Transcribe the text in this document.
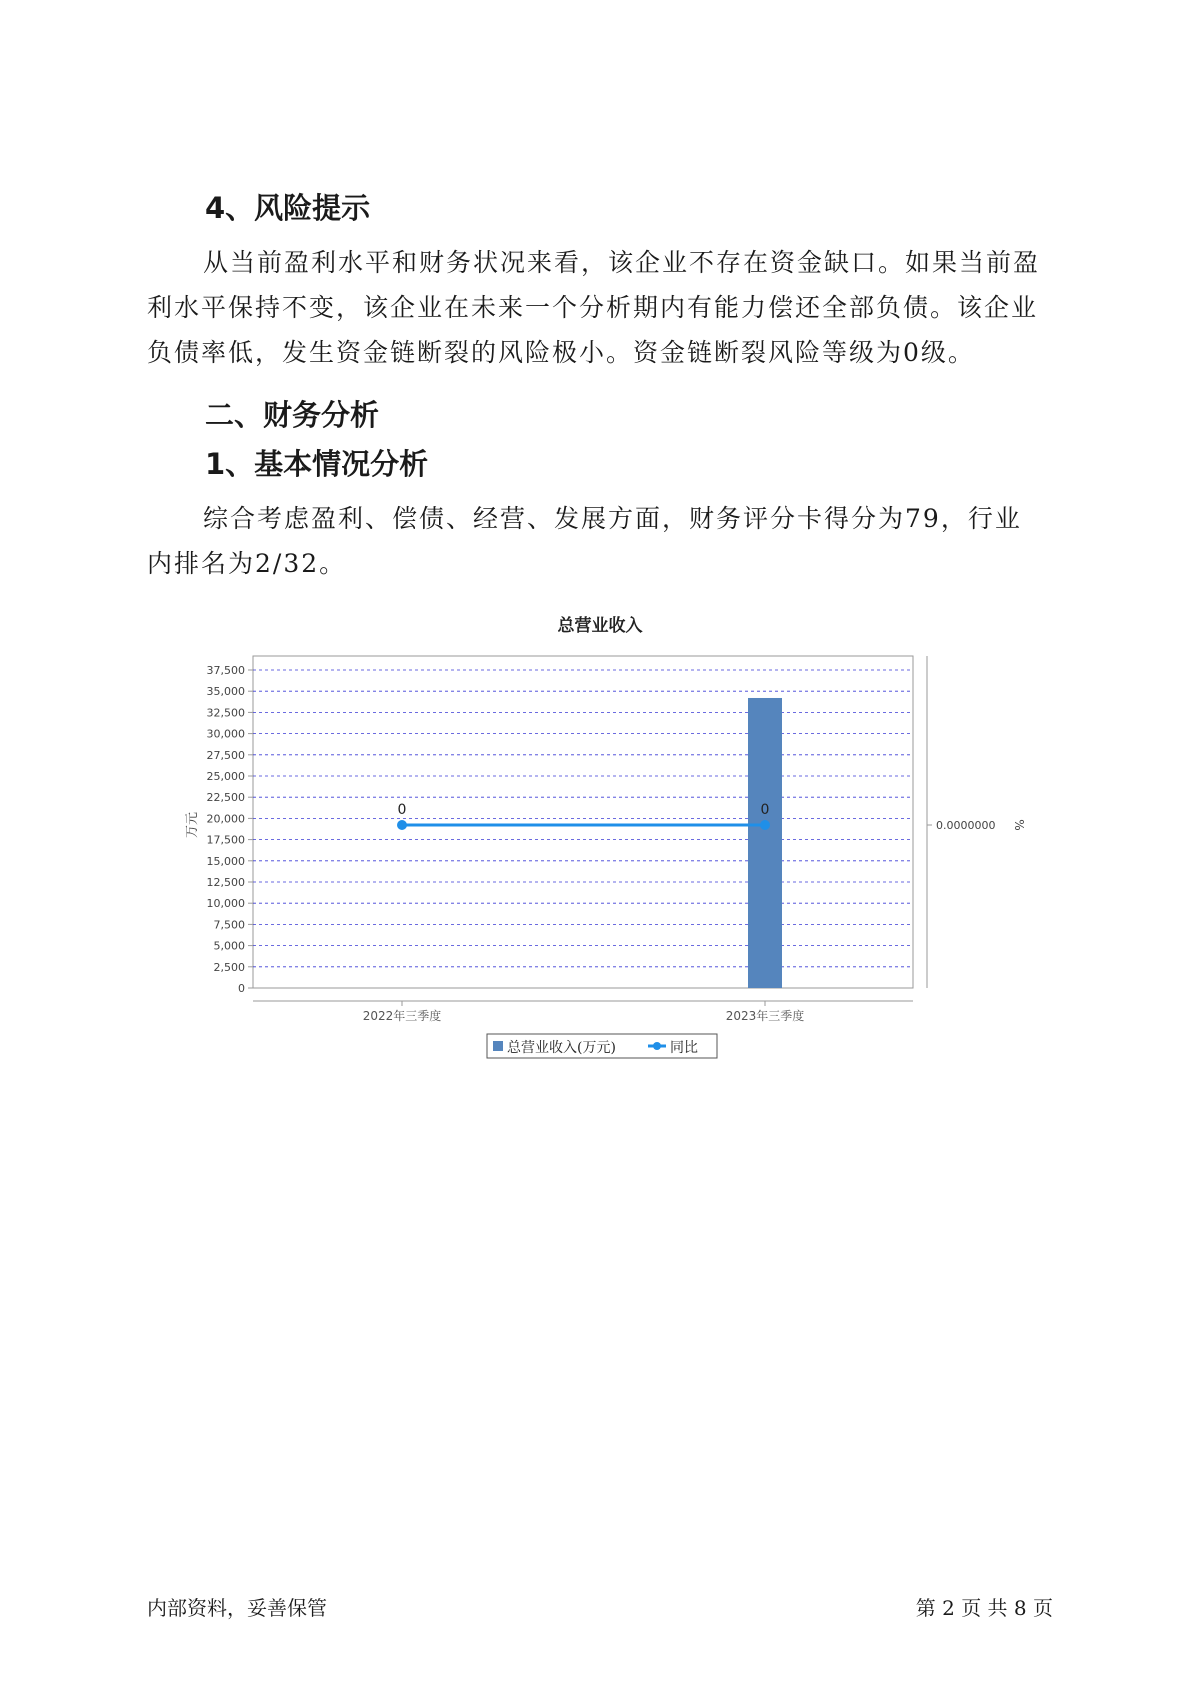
4、风险提示

从当前盈利水平和财务状况来看，该企业不存在资金缺口。如果当前盈利水平保持不变，该企业在未来一个分析期内有能力偿还全部负债。该企业负债率低，发生资金链断裂的风险极小。资金链断裂风险等级为0级。

二、财务分析
1、基本情况分析

综合考虑盈利、偿债、经营、发展方面，财务评分卡得分为79，行业内排名为2/32。

总营业收入
0
2,500
5,000
7,500
10,000
12,500
15,000
17,500
20,000
22,500
25,000
27,500
30,000
32,500
35,000
37,500
0	0
2022年三季度	2023年三季度
0.0000000 %
万元
总营业收入(万元)	同比
内部资料，妥善保管	第 2 页 共 8 页
